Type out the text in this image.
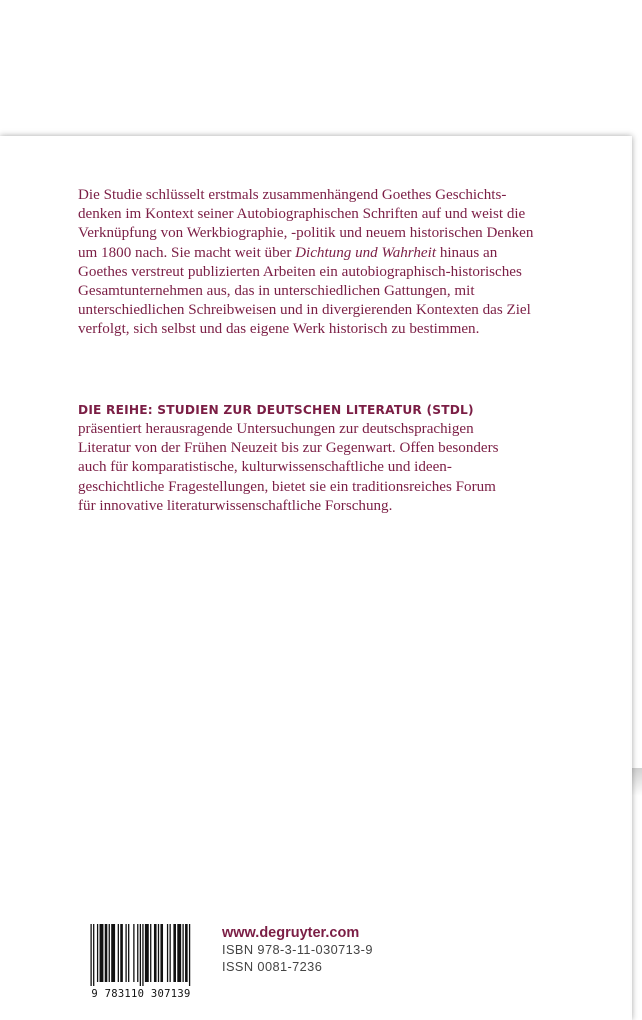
Die Studie schlüsselt erstmals zusammenhängend Goethes Geschichts-
denken im Kontext seiner Autobiographischen Schriften auf und weist die
Verknüpfung von Werkbiographie, -politik und neuem historischen Denken
um 1800 nach. Sie macht weit über Dichtung und Wahrheit hinaus an
Goethes verstreut publizierten Arbeiten ein autobiographisch-historisches
Gesamtunternehmen aus, das in unterschiedlichen Gattungen, mit
unterschiedlichen Schreibweisen und in divergierenden Kontexten das Ziel
verfolgt, sich selbst und das eigene Werk historisch zu bestimmen.

DIE REIHE: STUDIEN ZUR DEUTSCHEN LITERATUR (STDL)
präsentiert herausragende Untersuchungen zur deutschsprachigen
Literatur von der Frühen Neuzeit bis zur Gegenwart. Offen besonders
auch für komparatistische, kulturwissenschaftliche und ideen-
geschichtliche Fragestellungen, bietet sie ein traditionsreiches Forum
für innovative literaturwissenschaftliche Forschung.
9 783110 307139
www.degruyter.com
ISBN 978-3-11-030713-9
ISSN 0081-7236
